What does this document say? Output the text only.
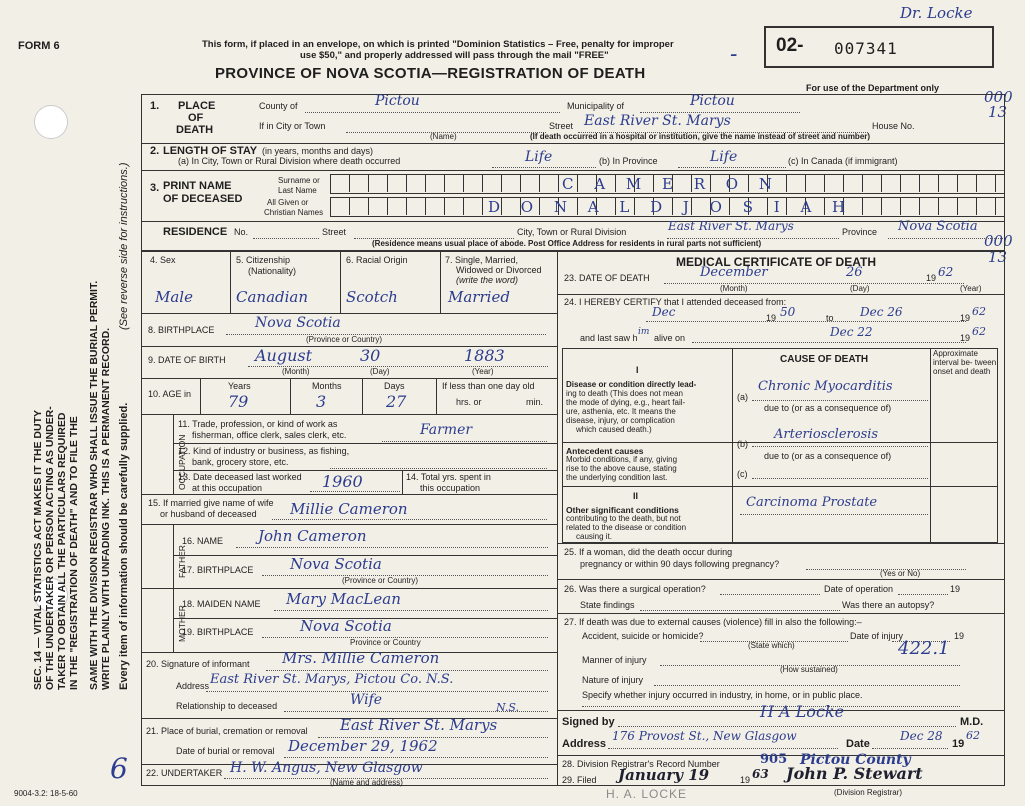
SEC. 14 — VITAL STATISTICS ACT MAKES IT THE DUTY OF THE UNDERTAKER OR PERSON ACTING AS UNDER- TAKER TO OBTAIN ALL THE PARTICULARS REQUIRED IN THE "REGISTRATION OF DEATH" AND TO FILE THE SAME WITH THE DIVISION REGISTRAR WHO SHALL ISSUE THE BURIAL PERMIT. WRITE PLAINLY WITH UNFADING INK. THIS IS A PERMANENT RECORD. Every item of information should be carefully supplied.
(See reverse side for instructions.)
6
FORM 6	This form, if placed in an envelope, on which is printed "Dominion Statistics – Free, penalty for improper
use $50," and properly addressed will pass through the mail "FREE"
PROVINCE OF NOVA SCOTIA—REGISTRATION OF DEATH
- 02- 007341
Dr. Locke
For use of the Department only	000
13
000
13
1. PLACE
OF
DEATH
County of	Pictou	Municipality of	Pictou
If in City or Town
(Name)
Street East River St. Marys	House No.
(If death occurred in a hospital or institution, give the name instead of street and number)
2. LENGTH OF STAY (in years, months and days)
(a) In City, Town or Rural Division where death occurred	Life	(b) In Province	Life	(c) In Canada (if immigrant)
3. PRINT NAME
OF DECEASED
Surname or
Last Name
All Given or
Christian Names
C A M E R O N
D O N A L D J O S I A H
RESIDENCE No.	Street	City, Town or Rural Division	East River St. Marys	Province Nova Scotia
(Residence means usual place of abode. Post Office Address for residents in rural parts not sufficient)
4. Sex	5. Citizenship
(Nationality)
6. Racial Origin	7. Single, Married,
Widowed or Divorced
(write the word)
Male	Canadian	Scotch	Married
8. BIRTHPLACE	Nova Scotia
(Province or Country)
9. DATE OF BIRTH August	30	1883
(Month)	(Day)	(Year)
10. AGE in
Years	Months	Days
79	3	27
If less than one day old
hrs. or	min.
OCCUPATION
11. Trade, profession, or kind of work as
fisherman, office clerk, sales clerk, etc.	Farmer
12. Kind of industry or business, as fishing,
bank, grocery store, etc.
13. Date deceased last worked
at this occupation	1960	14. Total yrs. spent in
this occupation
15. If married give name of wife
or husband of deceased Millie Cameron
FATHER
16. NAME John Cameron
17. BIRTHPLACE Nova Scotia
(Province or Country)
MOTHER
18. MAIDEN NAME Mary MacLean
19. BIRTHPLACE	Nova Scotia
Province or Country
20. Signature of informant Mrs. Millie Cameron
Address East River St. Marys, Pictou Co. N.S.
Relationship to deceased	Wife	N.S.
21. Place of burial, cremation or removal East River St. Marys
Date of burial or removal December 29, 1962
22. UNDERTAKER H. W. Angus, New Glasgow
(Name and address)
MEDICAL CERTIFICATE OF DEATH
23. DATE OF DEATH	December	26	19 62
(Month)	(Day)	(Year)
24. I HEREBY CERTIFY that I attended deceased from:
Dec	19 50	to Dec 26	19 62
and last saw h
im
alive on	Dec 22	19 62
CAUSE OF DEATH
Approximate interval be- tween onset and death
I
Disease or condition directly lead-
ing to death (This does not mean
the mode of dying, e.g., heart fail-
ure, asthenia, etc. It means the
disease, injury, or complication
which caused death.)
(a)
Chronic Myocarditis
due to (or as a consequence of)
Antecedent causes
Morbid conditions, if any, giving
rise to the above cause, stating
the underlying condition last.
(b)
Arteriosclerosis
due to (or as a consequence of)
(c)
II
Other significant conditions
contributing to the death, but not
related to the disease or condition
causing it.
Carcinoma Prostate
25. If a woman, did the death occur during
pregnancy or within 90 days following pregnancy?
(Yes or No)
26. Was there a surgical operation?	Date of operation	19
State findings	Was there an autopsy?
27. If death was due to external causes (violence) fill in also the following:–
Accident, suicide or homicide?	Date of injury	19
(State which)	422.1
Manner of injury
(How sustained)
Nature of injury
Specify whether injury occurred in industry, in home, or in public place.
Signed by
H A Locke
M.D.
Address
176 Provost St., New Glasgow
Date
Dec 28
19
62
28. Division Registrar's Record Number	905 Pictou County
29. Filed January 19	19 63 John P. Stewart
(Division Registrar)
9004-3.2: 18-5-60	H. A. LOCKE
